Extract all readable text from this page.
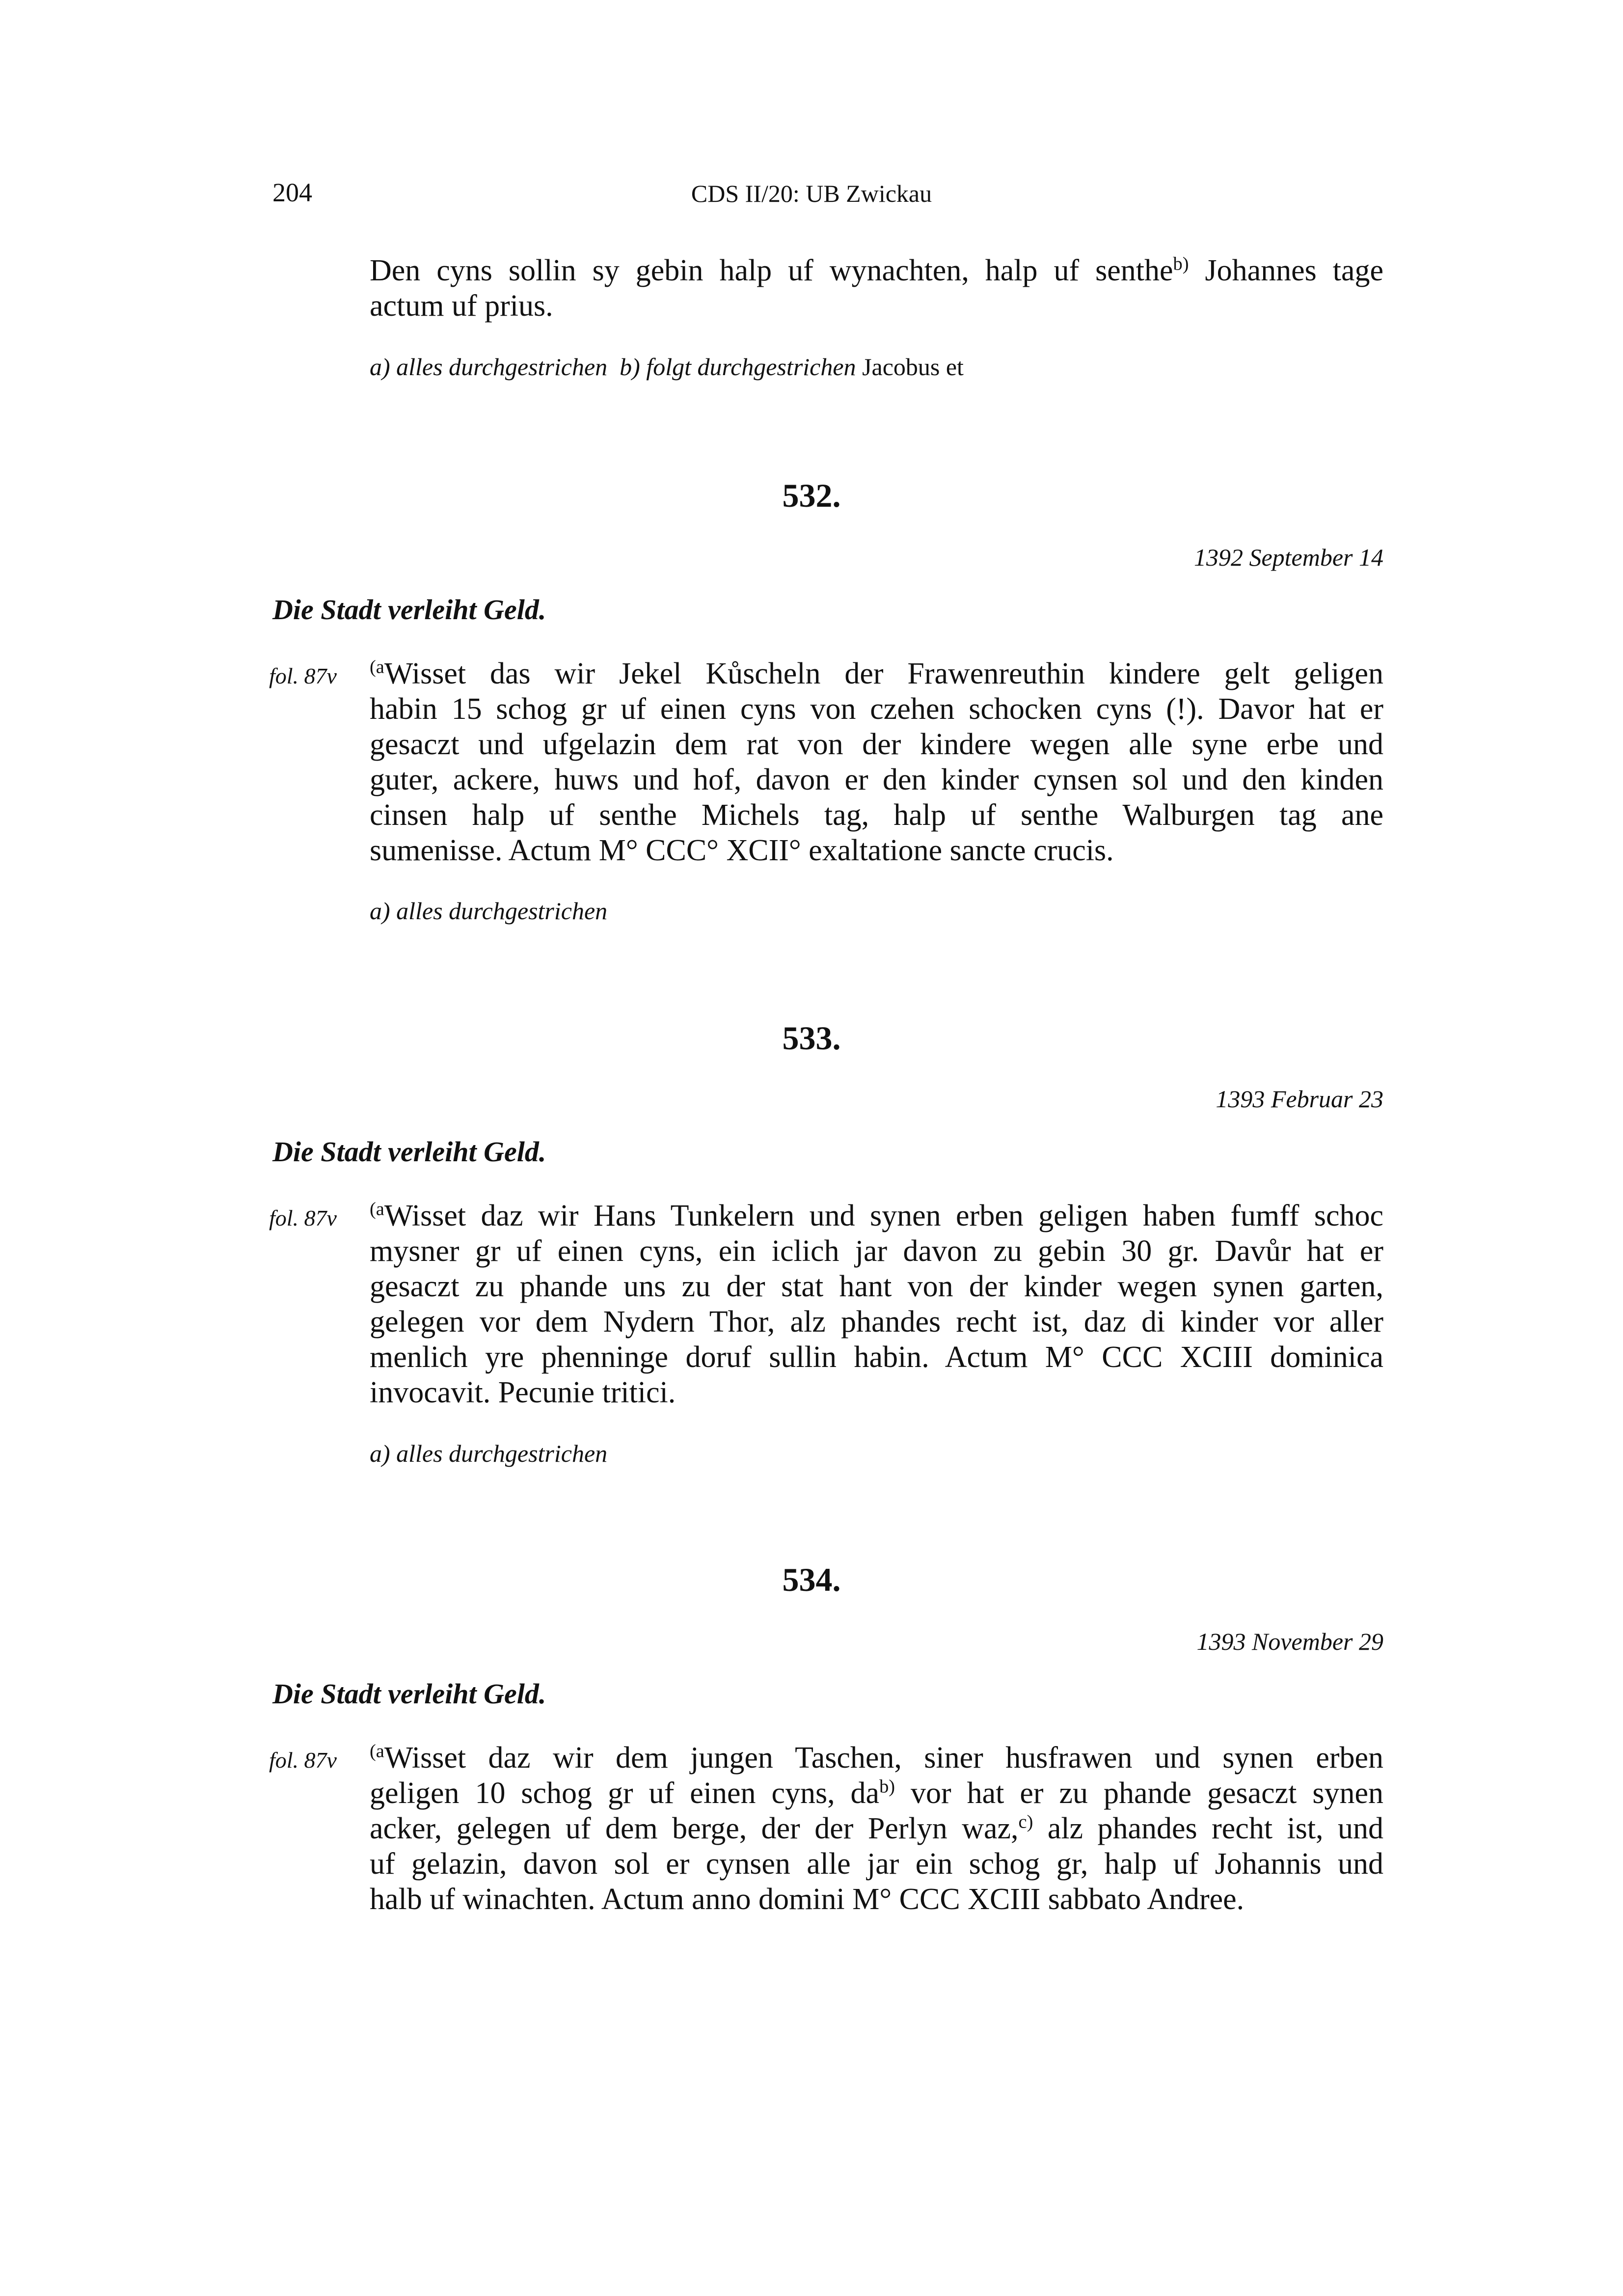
204	CDS II/20: UB Zwickau
Den cyns sollin sy gebin halp uf wynachten, halp uf senthe$^{b)}$ Johannes tage
actum uf prius.
a) alles durchgestrichen b) folgt durchgestrichen Jacobus et
532.
1392 September 14
Die Stadt verleiht Geld.
fol. 87v $^{(a}$Wisset das wir Jekel Kůscheln der Frawenreuthin kindere gelt geligen
habin 15 schog gr uf einen cyns von czehen schocken cyns (!). Davor hat er
gesaczt und ufgelazin dem rat von der kindere wegen alle syne erbe und
guter, ackere, huws und hof, davon er den kinder cynsen sol und den kinden
cinsen halp uf senthe Michels tag, halp uf senthe Walburgen tag ane
sumenisse. Actum M° CCC° XCII° exaltatione sancte crucis.
a) alles durchgestrichen
533.
1393 Februar 23
Die Stadt verleiht Geld.
fol. 87v $^{(a}$Wisset daz wir Hans Tunkelern und synen erben geligen haben fumff schoc
mysner gr uf einen cyns, ein iclich jar davon zu gebin 30 gr. Davůr hat er
gesaczt zu phande uns zu der stat hant von der kinder wegen synen garten,
gelegen vor dem Nydern Thor, alz phandes recht ist, daz di kinder vor aller
menlich yre phenninge doruf sullin habin. Actum M° CCC XCIII dominica
invocavit. Pecunie tritici.
a) alles durchgestrichen
534.
1393 November 29
Die Stadt verleiht Geld.
fol. 87v $^{(a}$Wisset daz wir dem jungen Taschen, siner husfrawen und synen erben
geligen 10 schog gr uf einen cyns, $da^{b)}$ vor hat er zu phande gesaczt synen
acker, gelegen uf dem berge, der der Perlyn waz,$^{c)}$ alz phandes recht ist, und
uf gelazin, davon sol er cynsen alle jar ein schog gr, halp uf Johannis und
halb uf winachten. Actum anno domini M° CCC XCIII sabbato Andree.
